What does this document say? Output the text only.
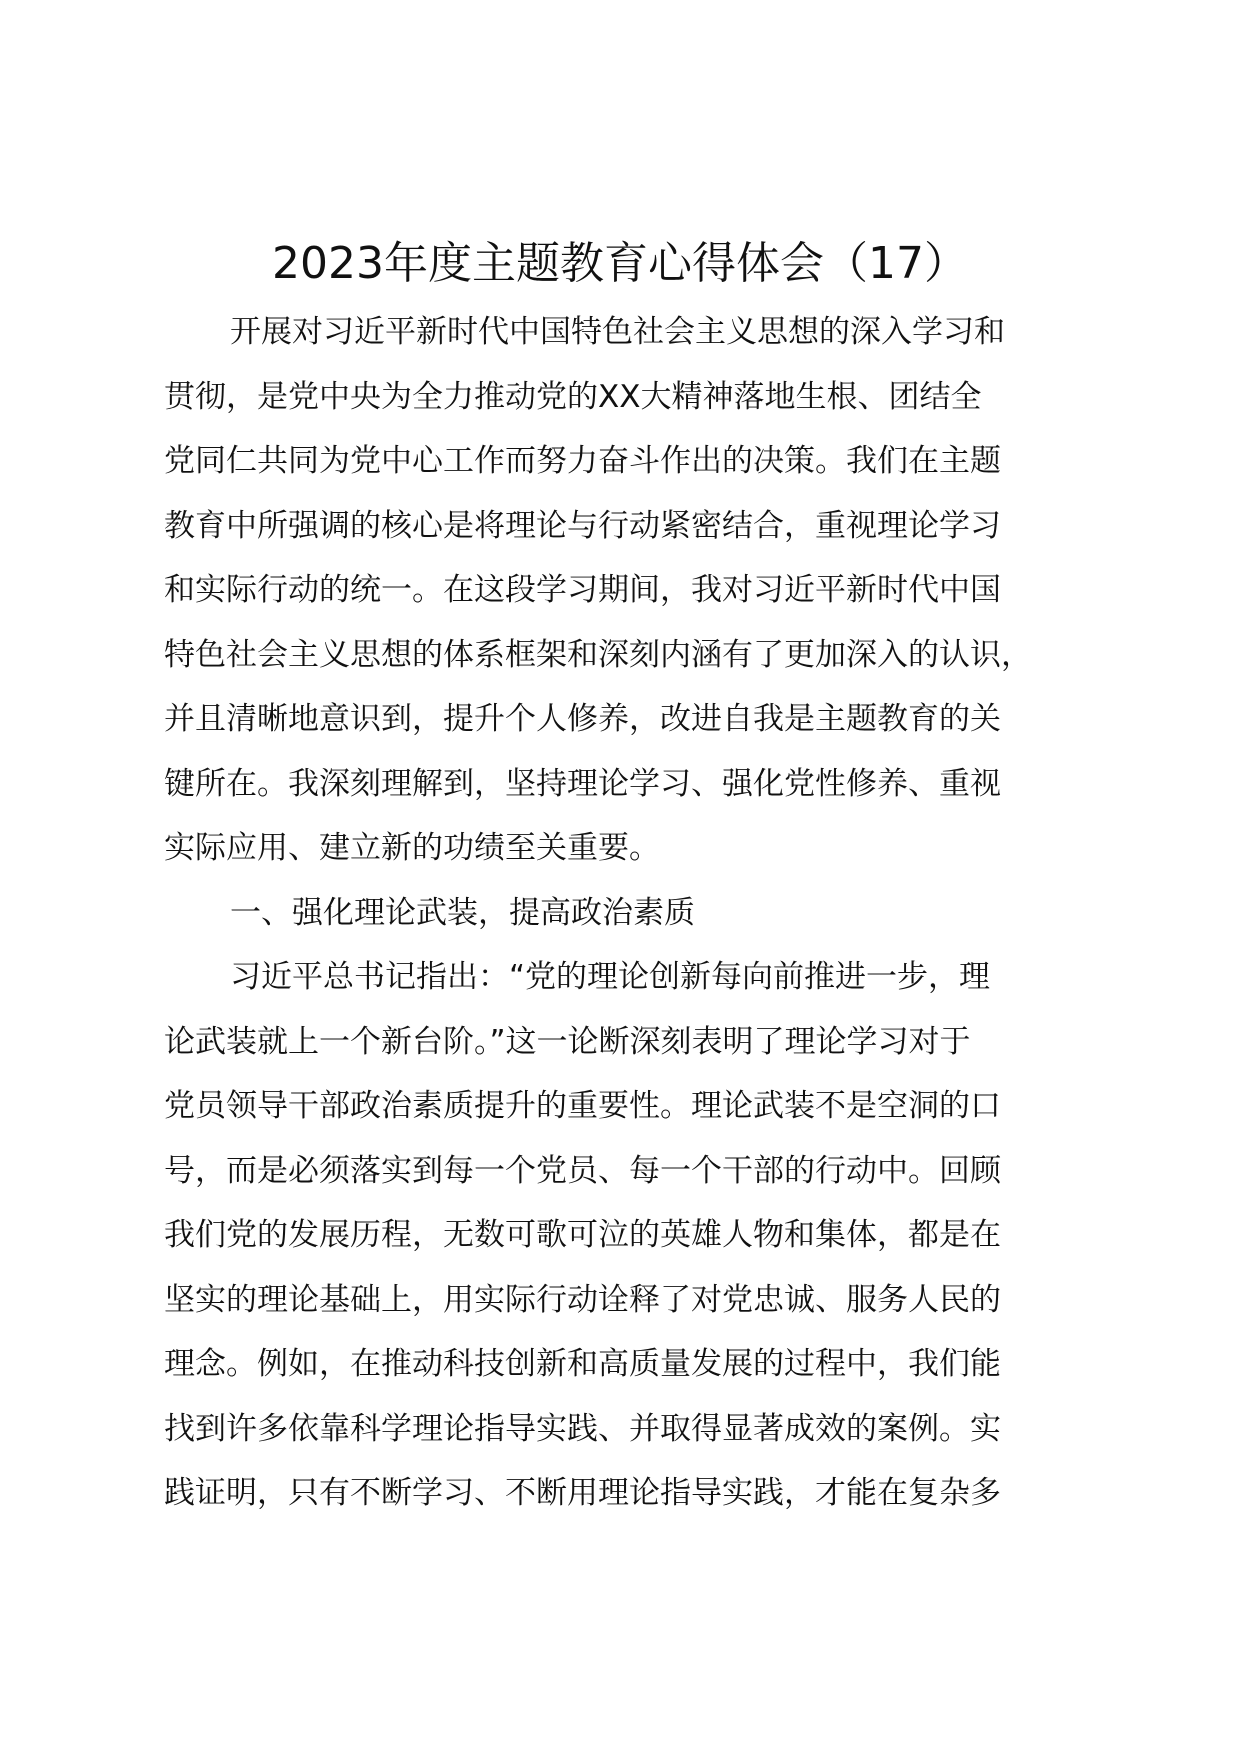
2023年度主题教育心得体会（17）
开展对习近平新时代中国特色社会主义思想的深入学习和
贯彻，是党中央为全力推动党的XX大精神落地生根、团结全
党同仁共同为党中心工作而努力奋斗作出的决策。我们在主题
教育中所强调的核心是将理论与行动紧密结合，重视理论学习
和实际行动的统一。在这段学习期间，我对习近平新时代中国
特色社会主义思想的体系框架和深刻内涵有了更加深入的认识，
并且清晰地意识到，提升个人修养，改进自我是主题教育的关
键所在。我深刻理解到，坚持理论学习、强化党性修养、重视
实际应用、建立新的功绩至关重要。
一、强化理论武装，提高政治素质
习近平总书记指出：“党的理论创新每向前推进一步，理
论武装就上一个新台阶。”这一论断深刻表明了理论学习对于
党员领导干部政治素质提升的重要性。理论武装不是空洞的口
号，而是必须落实到每一个党员、每一个干部的行动中。回顾
我们党的发展历程，无数可歌可泣的英雄人物和集体，都是在
坚实的理论基础上，用实际行动诠释了对党忠诚、服务人民的
理念。例如，在推动科技创新和高质量发展的过程中，我们能
找到许多依靠科学理论指导实践、并取得显著成效的案例。实
践证明，只有不断学习、不断用理论指导实践，才能在复杂多
